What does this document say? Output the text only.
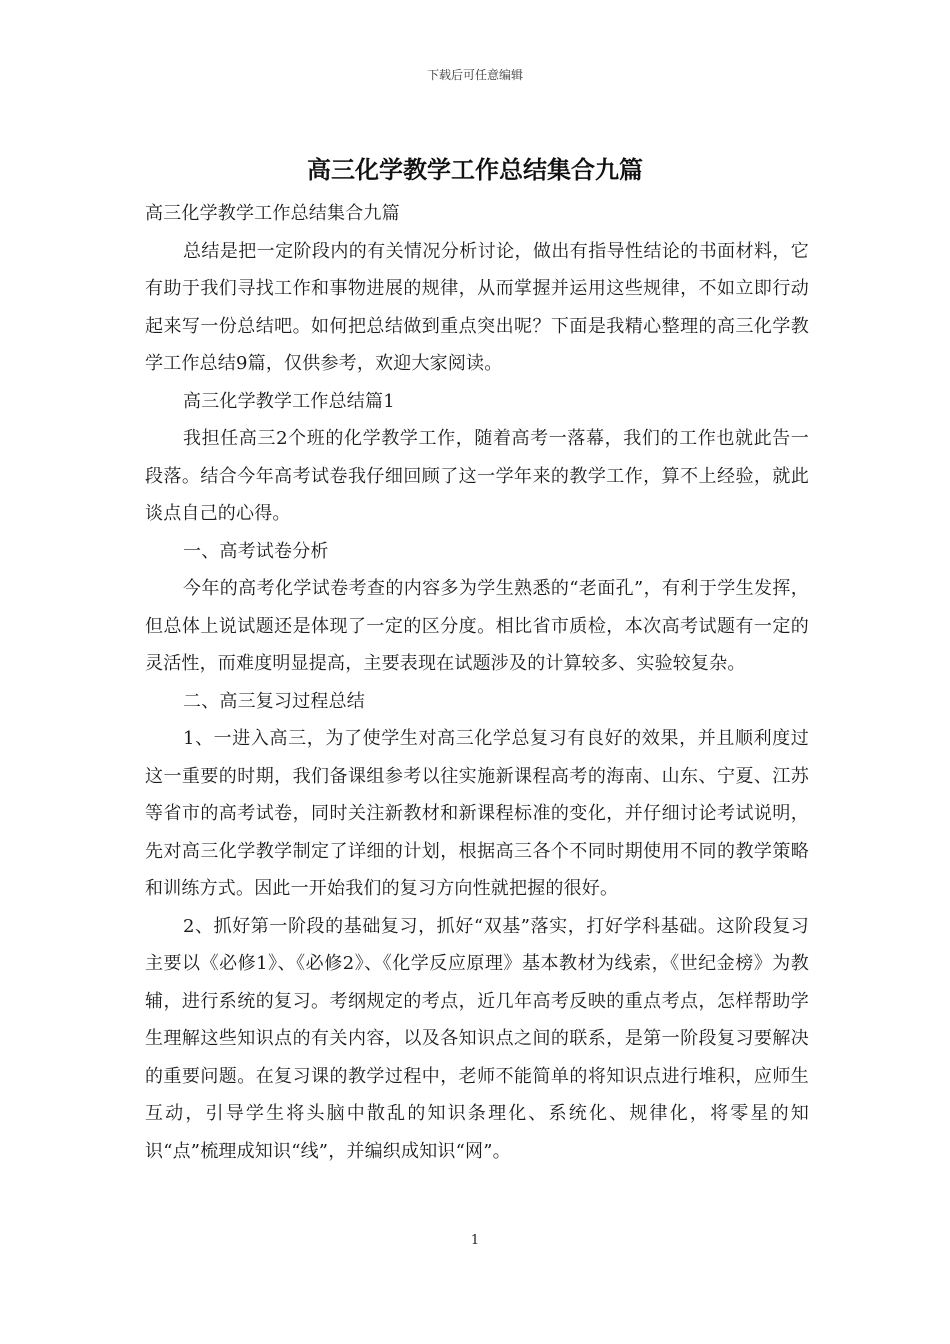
下载后可任意编辑
高三化学教学工作总结集合九篇

高三化学教学工作总结集合九篇

总结是把一定阶段内的有关情况分析讨论，做出有指导性结论的书面材料，它有助于我们寻找工作和事物进展的规律，从而掌握并运用这些规律，不如立即行动起来写一份总结吧。如何把总结做到重点突出呢？下面是我精心整理的高三化学教学工作总结9篇，仅供参考，欢迎大家阅读。

高三化学教学工作总结篇1

我担任高三2个班的化学教学工作，随着高考一落幕，我们的工作也就此告一段落。结合今年高考试卷我仔细回顾了这一学年来的教学工作，算不上经验，就此谈点自己的心得。

一、高考试卷分析

今年的高考化学试卷考查的内容多为学生熟悉的“老面孔”，有利于学生发挥，但总体上说试题还是体现了一定的区分度。相比省市质检，本次高考试题有一定的灵活性，而难度明显提高，主要表现在试题涉及的计算较多、实验较复杂。

二、高三复习过程总结

1、一进入高三，为了使学生对高三化学总复习有良好的效果，并且顺利度过这一重要的时期，我们备课组参考以往实施新课程高考的海南、山东、宁夏、江苏等省市的高考试卷，同时关注新教材和新课程标准的变化，并仔细讨论考试说明，先对高三化学教学制定了详细的计划，根据高三各个不同时期使用不同的教学策略和训练方式。因此一开始我们的复习方向性就把握的很好。

2、抓好第一阶段的基础复习，抓好“双基”落实，打好学科基础。这阶段复习主要以《必修1》、《必修2》、《化学反应原理》基本教材为线索，《世纪金榜》为教辅，进行系统的复习。考纲规定的考点，近几年高考反映的重点考点，怎样帮助学生理解这些知识点的有关内容，以及各知识点之间的联系，是第一阶段复习要解决的重要问题。在复习课的教学过程中，老师不能简单的将知识点进行堆积，应师生互动，引导学生将头脑中散乱的知识条理化、系统化、规律化，将零星的知识“点”梳理成知识“线”，并编织成知识“网”。

1
